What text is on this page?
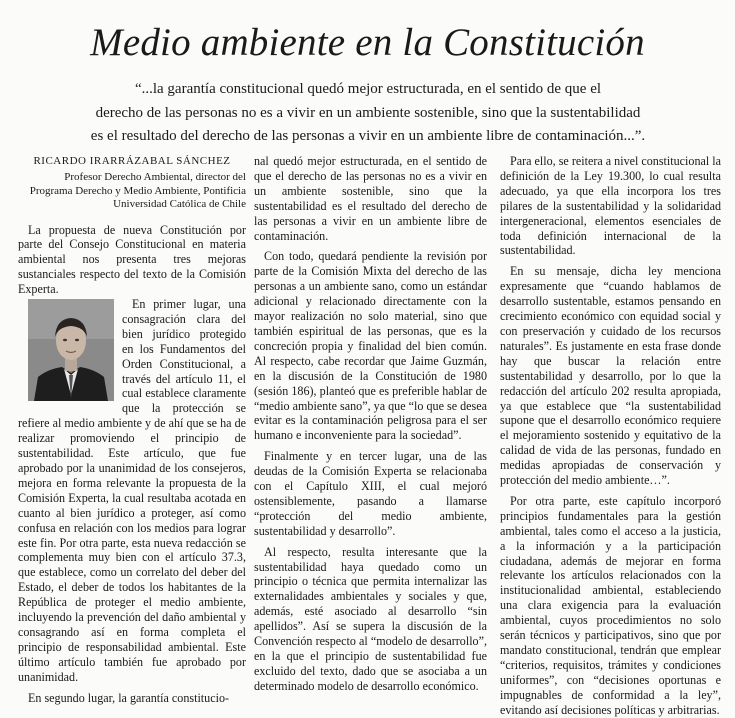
Medio ambiente en la Constitución
“...la garantía constitucional quedó mejor estructurada, en el sentido de que el
derecho de las personas no es a vivir en un ambiente sostenible, sino que la sustentabilidad
es el resultado del derecho de las personas a vivir en un ambiente libre de contaminación...”.
RICARDO IRARRÁZABAL SÁNCHEZ
Profesor Derecho Ambiental, director del
Programa Derecho y Medio Ambiente, Pontificia
Universidad Católica de Chile

La propuesta de nueva Constitución por parte del Consejo Constitucional en materia ambiental nos presenta tres mejoras sustanciales respecto del texto de la Comisión Experta.

En primer lugar, una consagración clara del bien jurídico protegido en los Fundamentos del Orden Constitucional, a través del artículo 11, el cual establece claramente que la protección se refiere al medio ambiente y de ahí que se ha de realizar promoviendo el principio de sustentabilidad. Este artículo, que fue aprobado por la unanimidad de los consejeros, mejora en forma relevante la propuesta de la Comisión Experta, la cual resultaba acotada en cuanto al bien jurídico a proteger, así como confusa en relación con los medios para lograr este fin. Por otra parte, esta nueva redacción se complementa muy bien con el artículo 37.3, que establece, como un correlato del deber del Estado, el deber de todos los habitantes de la República de proteger el medio ambiente, incluyendo la prevención del daño ambiental y consagrando así en forma completa el principio de responsabilidad ambiental. Este último artículo también fue aprobado por unanimidad.

En segundo lugar, la garantía constitucio-

nal quedó mejor estructurada, en el sentido de que el derecho de las personas no es a vivir en un ambiente sostenible, sino que la sustentabilidad es el resultado del derecho de las personas a vivir en un ambiente libre de contaminación.

Con todo, quedará pendiente la revisión por parte de la Comisión Mixta del derecho de las personas a un ambiente sano, como un estándar adicional y relacionado directamente con la mayor realización no solo material, sino que también espiritual de las personas, que es la concreción propia y finalidad del bien común. Al respecto, cabe recordar que Jaime Guzmán, en la discusión de la Constitución de 1980 (sesión 186), planteó que es preferible hablar de “medio ambiente sano”, ya que “lo que se desea evitar es la contaminación peligrosa para el ser humano e inconveniente para la sociedad”.

Finalmente y en tercer lugar, una de las deudas de la Comisión Experta se relacionaba con el Capítulo XIII, el cual mejoró ostensiblemente, pasando a llamarse “protección del medio ambiente, sustentabilidad y desarrollo”.

Al respecto, resulta interesante que la sustentabilidad haya quedado como un principio o técnica que permita internalizar las externalidades ambientales y sociales y que, además, esté asociado al desarrollo “sin apellidos”. Así se supera la discusión de la Convención respecto al “modelo de desarrollo”, en la que el principio de sustentabilidad fue excluido del texto, dado que se asociaba a un determinado modelo de desarrollo económico.

Para ello, se reitera a nivel constitucional la definición de la Ley 19.300, lo cual resulta adecuado, ya que ella incorpora los tres pilares de la sustentabilidad y la solidaridad intergeneracional, elementos esenciales de toda definición internacional de la sustentabilidad.

En su mensaje, dicha ley menciona expresamente que “cuando hablamos de desarrollo sustentable, estamos pensando en crecimiento económico con equidad social y con preservación y cuidado de los recursos naturales”. Es justamente en esta frase donde hay que buscar la relación entre sustentabilidad y desarrollo, por lo que la redacción del artículo 202 resulta apropiada, ya que establece que “la sustentabilidad supone que el desarrollo económico requiere el mejoramiento sostenido y equitativo de la calidad de vida de las personas, fundado en medidas apropiadas de conservación y protección del medio ambiente…”.

Por otra parte, este capítulo incorporó principios fundamentales para la gestión ambiental, tales como el acceso a la justicia, a la información y a la participación ciudadana, además de mejorar en forma relevante los artículos relacionados con la institucionalidad ambiental, estableciendo una clara exigencia para la evaluación ambiental, cuyos procedimientos no solo serán técnicos y participativos, sino que por mandato constitucional, tendrán que emplear “criterios, requisitos, trámites y condiciones uniformes”, con “decisiones oportunas e impugnables de conformidad a la ley”, evitando así decisiones políticas y arbitrarias.
